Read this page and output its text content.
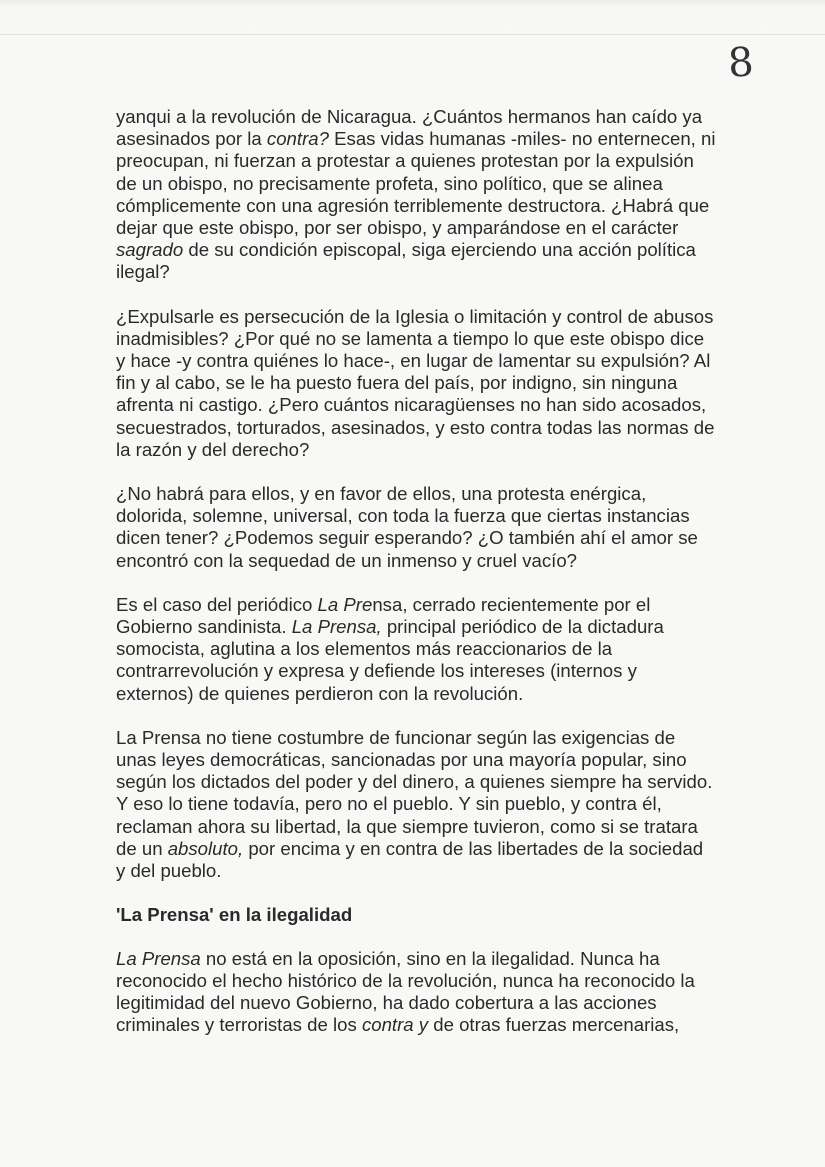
8

yanqui a la revolución de Nicaragua. ¿Cuántos hermanos han caído ya asesinados por la contra? Esas vidas humanas -miles- no enternecen, ni preocupan, ni fuerzan a protestar a quienes protestan por la expulsión de un obispo, no precisamente profeta, sino político, que se alinea cómplicemente con una agresión terriblemente destructora. ¿Habrá que dejar que este obispo, por ser obispo, y amparándose en el carácter sagrado de su condición episcopal, siga ejerciendo una acción política ilegal?

¿Expulsarle es persecución de la Iglesia o limitación y control de abusos inadmisibles? ¿Por qué no se lamenta a tiempo lo que este obispo dice y hace -y contra quiénes lo hace-, en lugar de lamentar su expulsión? Al fin y al cabo, se le ha puesto fuera del país, por indigno, sin ninguna afrenta ni castigo. ¿Pero cuántos nicaragüenses no han sido acosados, secuestrados, torturados, asesinados, y esto contra todas las normas de la razón y del derecho?

¿No habrá para ellos, y en favor de ellos, una protesta enérgica, dolorida, solemne, universal, con toda la fuerza que ciertas instancias dicen tener? ¿Podemos seguir esperando? ¿O también ahí el amor se encontró con la sequedad de un inmenso y cruel vacío?

Es el caso del periódico La Prensa, cerrado recientemente por el Gobierno sandinista. La Prensa, principal periódico de la dictadura somocista, aglutina a los elementos más reaccionarios de la contrarrevolución y expresa y defiende los intereses (internos y externos) de quienes perdieron con la revolución.

La Prensa no tiene costumbre de funcionar según las exigencias de unas leyes democráticas, sancionadas por una mayoría popular, sino según los dictados del poder y del dinero, a quienes siempre ha servido. Y eso lo tiene todavía, pero no el pueblo. Y sin pueblo, y contra él, reclaman ahora su libertad, la que siempre tuvieron, como si se tratara de un absoluto, por encima y en contra de las libertades de la sociedad y del pueblo.

'La Prensa' en la ilegalidad

La Prensa no está en la oposición, sino en la ilegalidad. Nunca ha reconocido el hecho histórico de la revolución, nunca ha reconocido la legitimidad del nuevo Gobierno, ha dado cobertura a las acciones criminales y terroristas de los contra y de otras fuerzas mercenarias,
